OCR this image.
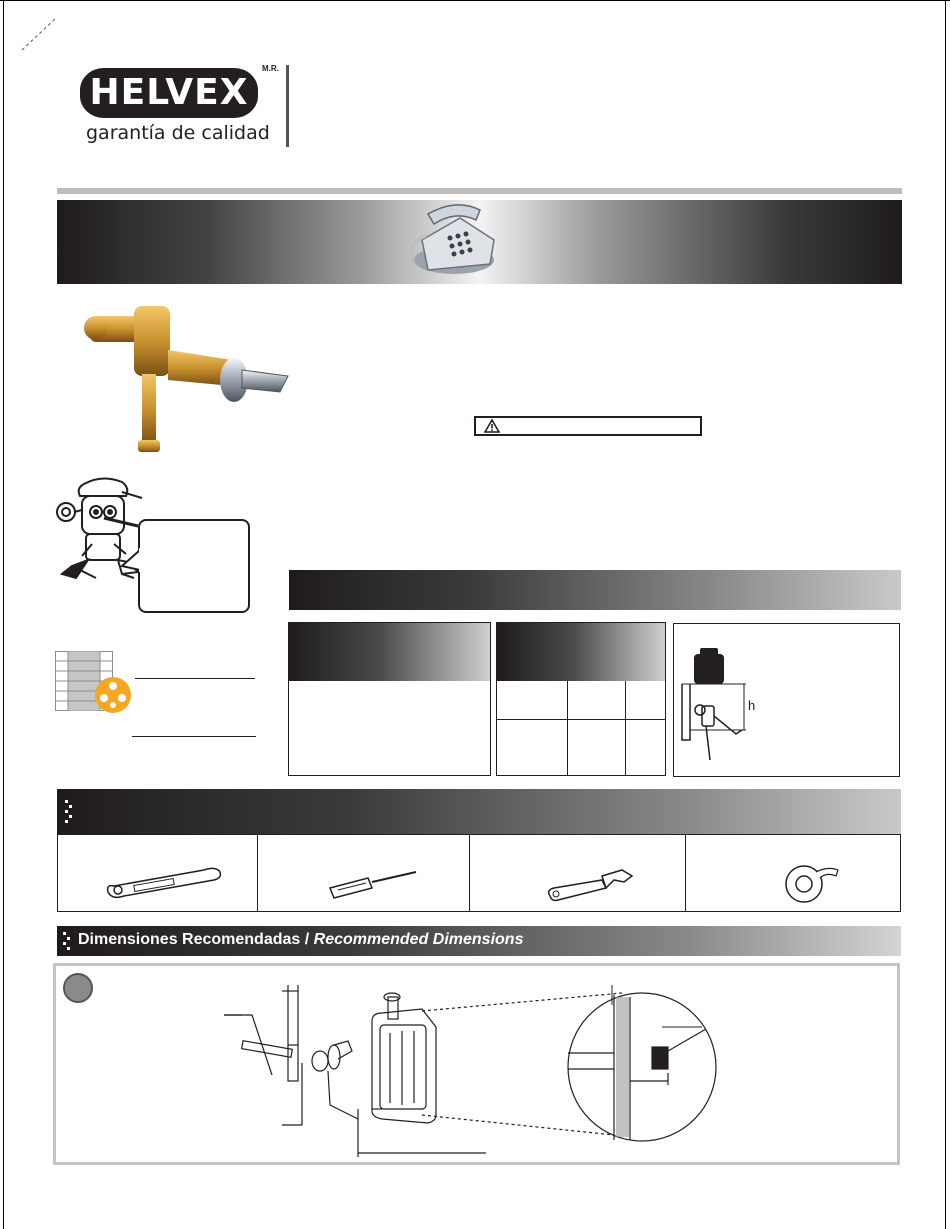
HELVEX
M.R.
garantía de calidad
h
Dimensiones Recomendadas / Recommended Dimensions
